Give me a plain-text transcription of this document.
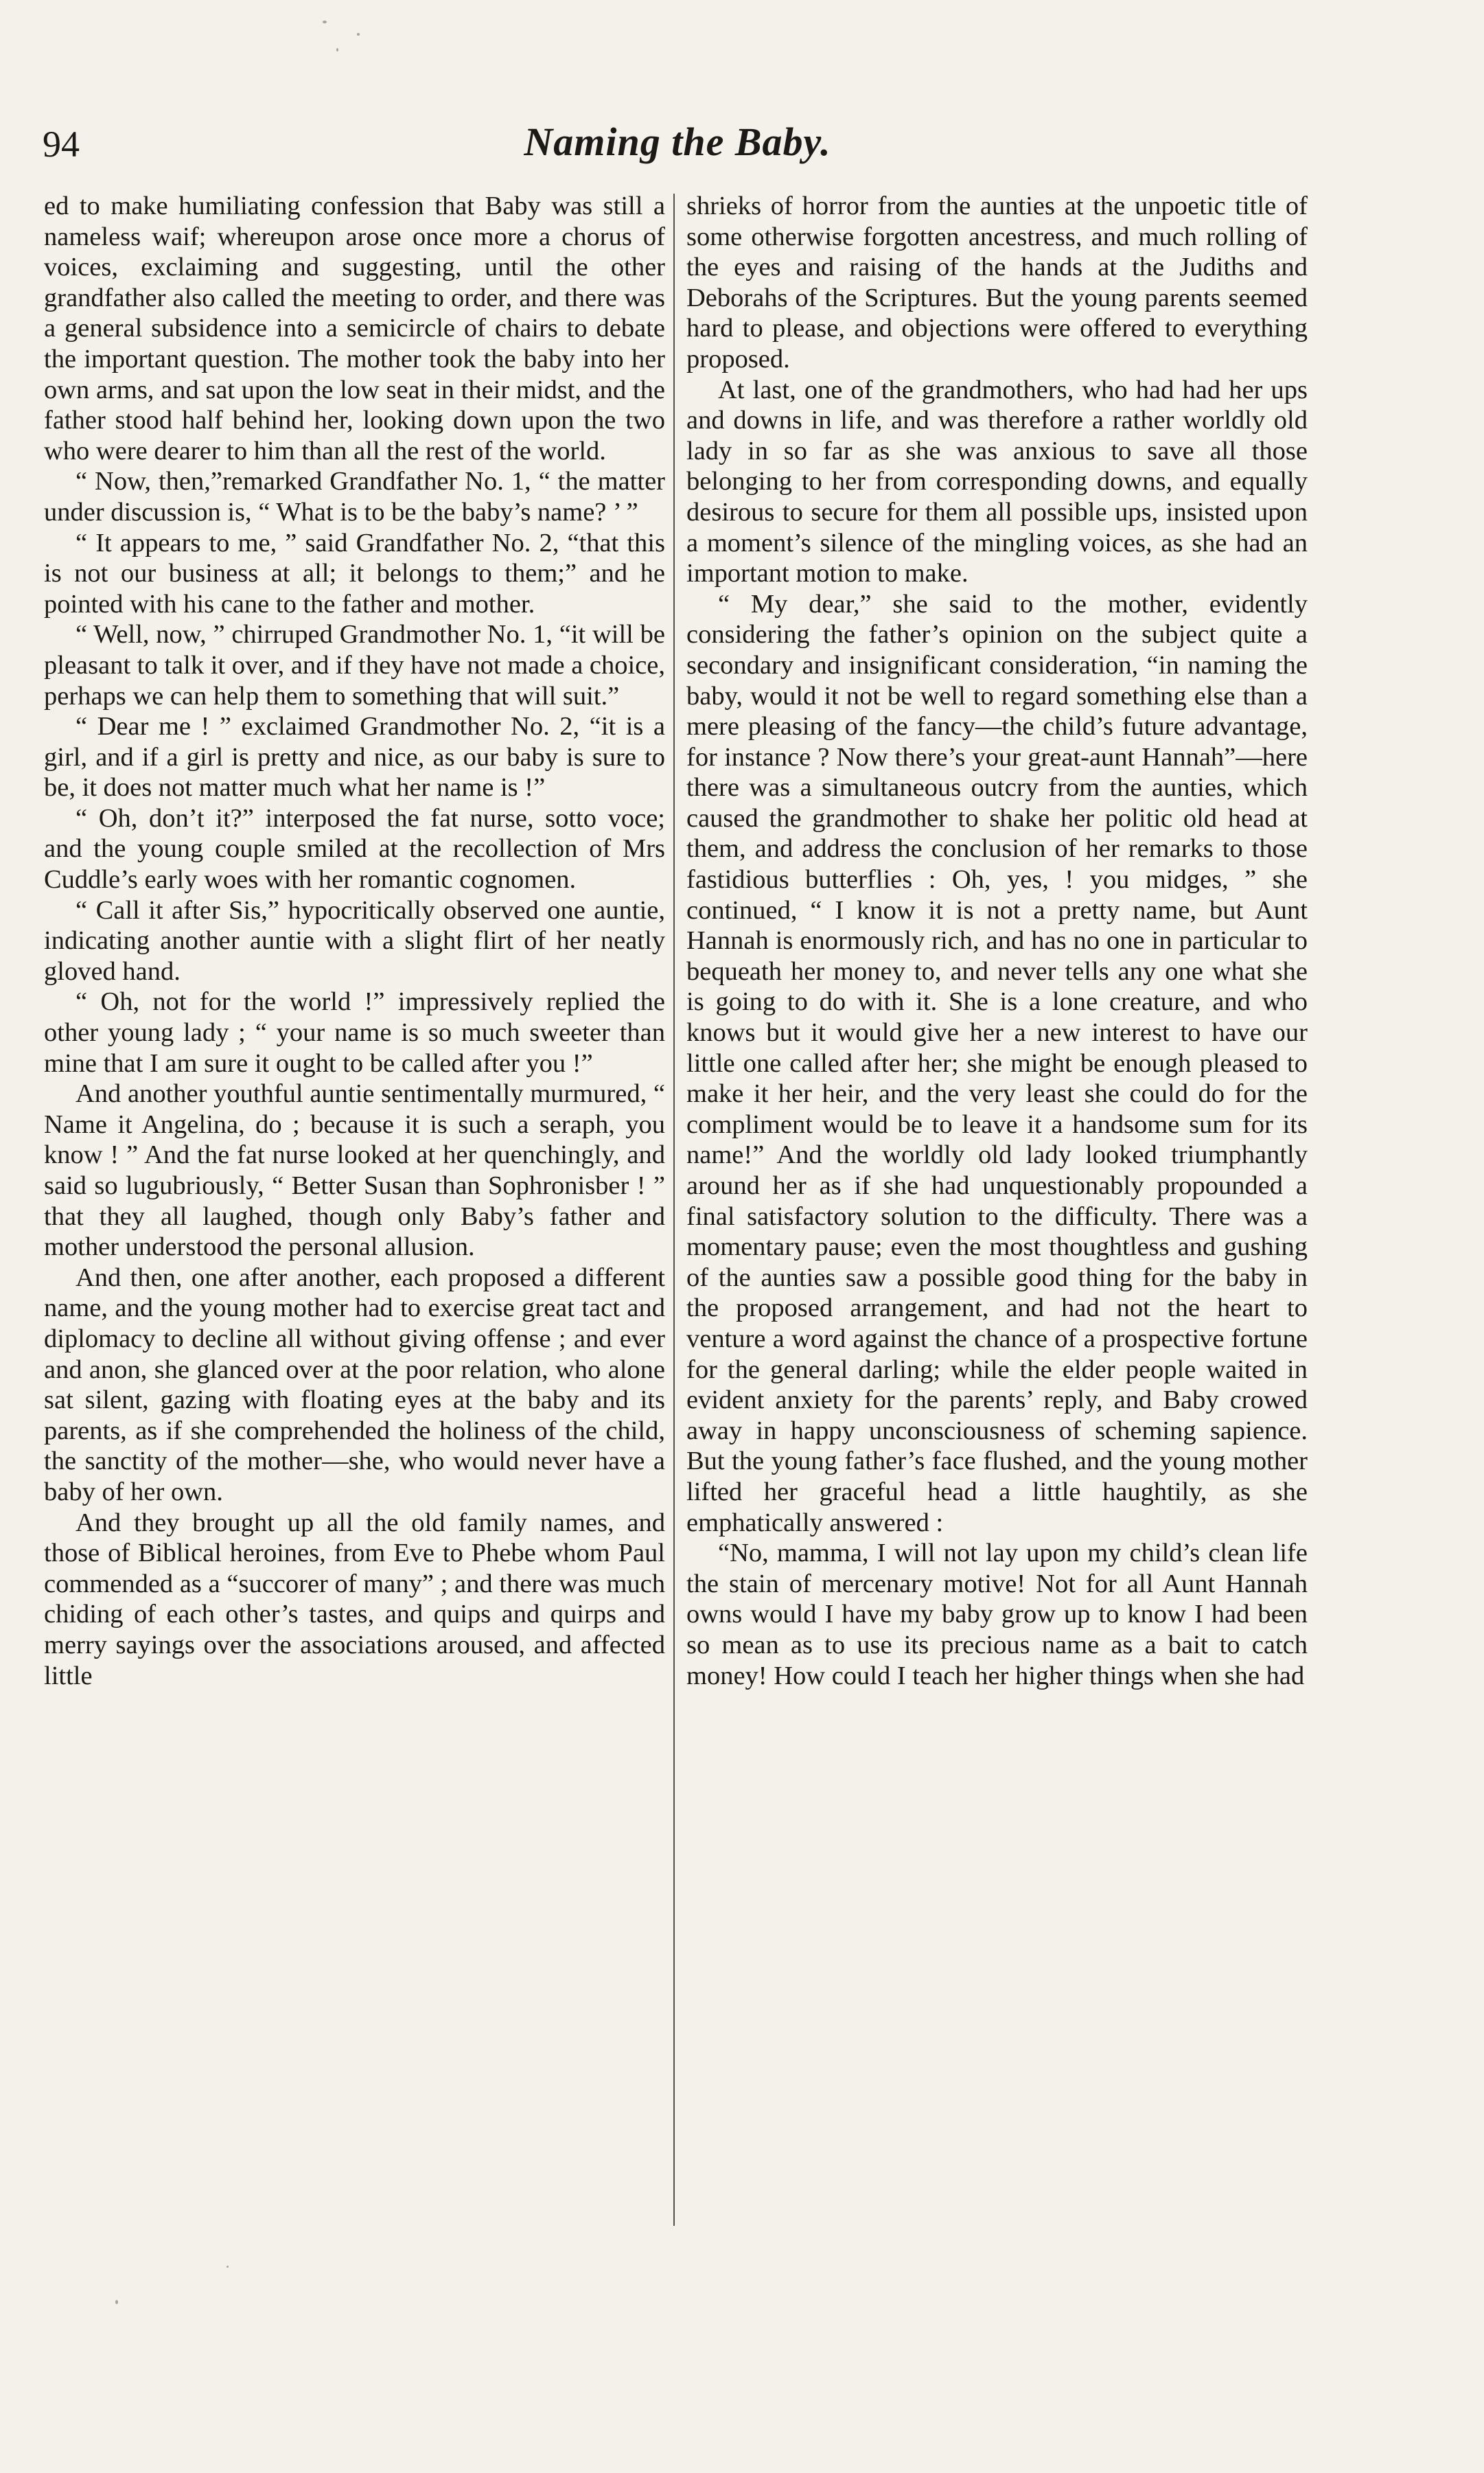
94	Naming the Baby.

ed to make humiliating confession that Baby was still a nameless waif; whereupon arose once more a chorus of voices, exclaiming and suggesting, until the other grandfather also called the meeting to order, and there was a general subsidence into a semicircle of chairs to debate the important question. The mother took the baby into her own arms, and sat upon the low seat in their midst, and the father stood half behind her, looking down upon the two who were dearer to him than all the rest of the world.

“ Now, then,”remarked Grandfather No. 1, “ the matter under discussion is, “ What is to be the baby’s name? ’ ”

“ It appears to me, ” said Grandfather No. 2, “that this is not our business at all; it belongs to them;” and he pointed with his cane to the father and mother.

“ Well, now, ” chirruped Grandmother No. 1, “it will be pleasant to talk it over, and if they have not made a choice, perhaps we can help them to something that will suit.”

“ Dear me ! ” exclaimed Grandmother No. 2, “it is a girl, and if a girl is pretty and nice, as our baby is sure to be, it does not matter much what her name is !”

“ Oh, don’t it?” interposed the fat nurse, sotto voce; and the young couple smiled at the recollection of Mrs Cuddle’s early woes with her romantic cognomen.

“ Call it after Sis,” hypocritically observed one auntie, indicating another auntie with a slight flirt of her neatly gloved hand.

“ Oh, not for the world !” impressively replied the other young lady ; “ your name is so much sweeter than mine that I am sure it ought to be called after you !”

And another youthful auntie sentimentally murmured, “ Name it Angelina, do ; because it is such a seraph, you know ! ” And the fat nurse looked at her quenchingly, and said so lugubriously, “ Better Susan than Sophronisber ! ” that they all laughed, though only Baby’s father and mother understood the personal allusion.

And then, one after another, each proposed a different name, and the young mother had to exercise great tact and diplomacy to decline all without giving offense ; and ever and anon, she glanced over at the poor relation, who alone sat silent, gazing with floating eyes at the baby and its parents, as if she comprehended the holiness of the child, the sanctity of the mother—she, who would never have a baby of her own.

And they brought up all the old family names, and those of Biblical heroines, from Eve to Phebe whom Paul commended as a “succorer of many” ; and there was much chiding of each other’s tastes, and quips and quirps and merry sayings over the associations aroused, and affected little

shrieks of horror from the aunties at the unpoetic title of some otherwise forgotten ancestress, and much rolling of the eyes and raising of the hands at the Judiths and Deborahs of the Scriptures. But the young parents seemed hard to please, and objections were offered to everything proposed.

At last, one of the grandmothers, who had had her ups and downs in life, and was therefore a rather worldly old lady in so far as she was anxious to save all those belonging to her from corresponding downs, and equally desirous to secure for them all possible ups, insisted upon a moment’s silence of the mingling voices, as she had an important motion to make.

“ My dear,” she said to the mother, evidently considering the father’s opinion on the subject quite a secondary and insignificant consideration, “in naming the baby, would it not be well to regard something else than a mere pleasing of the fancy—the child’s future advantage, for instance ? Now there’s your great-aunt Hannah”—here there was a simultaneous outcry from the aunties, which caused the grandmother to shake her politic old head at them, and address the conclusion of her remarks to those fastidious butterflies : Oh, yes, ! you midges, ” she continued, “ I know it is not a pretty name, but Aunt Hannah is enormously rich, and has no one in particular to bequeath her money to, and never tells any one what she is going to do with it. She is a lone creature, and who knows but it would give her a new interest to have our little one called after her; she might be enough pleased to make it her heir, and the very least she could do for the compliment would be to leave it a handsome sum for its name!” And the worldly old lady looked triumphantly around her as if she had unquestionably propounded a final satisfactory solution to the difficulty. There was a momentary pause; even the most thoughtless and gushing of the aunties saw a possible good thing for the baby in the proposed arrangement, and had not the heart to venture a word against the chance of a prospective fortune for the general darling; while the elder people waited in evident anxiety for the parents’ reply, and Baby crowed away in happy unconsciousness of scheming sapience. But the young father’s face flushed, and the young mother lifted her graceful head a little haughtily, as she emphatically answered :

“No, mamma, I will not lay upon my child’s clean life the stain of mercenary motive! Not for all Aunt Hannah owns would I have my baby grow up to know I had been so mean as to use its precious name as a bait to catch money! How could I teach her higher things when she had
